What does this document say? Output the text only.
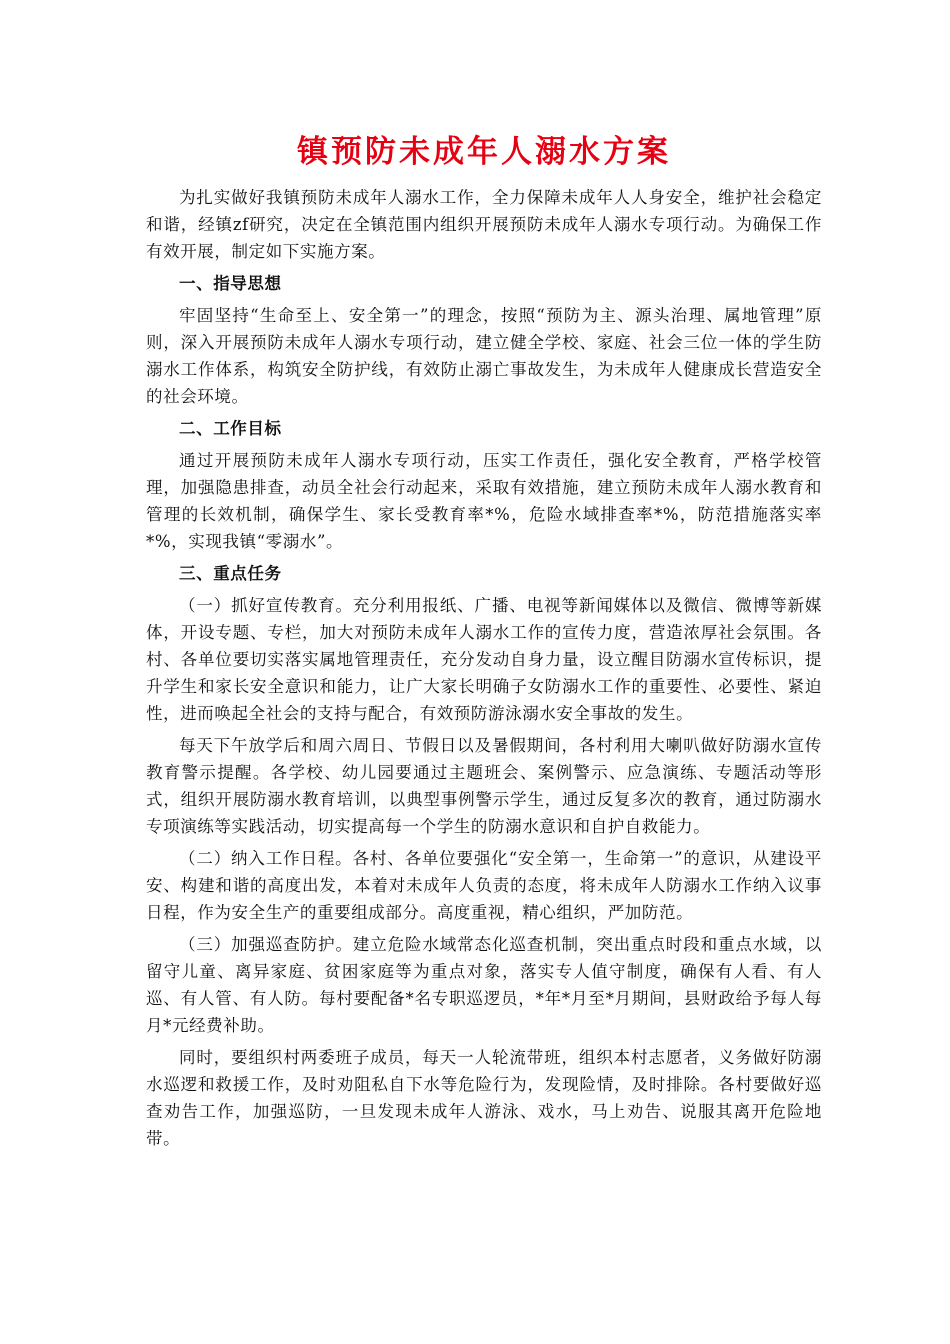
镇预防未成年人溺水方案

为扎实做好我镇预防未成年人溺水工作，全力保障未成年人人身安全，维护社会稳定和谐，经镇zf研究，决定在全镇范围内组织开展预防未成年人溺水专项行动。为确保工作有效开展，制定如下实施方案。

一、指导思想

牢固坚持“生命至上、安全第一”的理念，按照“预防为主、源头治理、属地管理”原则，深入开展预防未成年人溺水专项行动，建立健全学校、家庭、社会三位一体的学生防溺水工作体系，构筑安全防护线，有效防止溺亡事故发生，为未成年人健康成长营造安全的社会环境。

二、工作目标

通过开展预防未成年人溺水专项行动，压实工作责任，强化安全教育，严格学校管理，加强隐患排查，动员全社会行动起来，采取有效措施，建立预防未成年人溺水教育和管理的长效机制，确保学生、家长受教育率*%，危险水域排查率*%，防范措施落实率*%，实现我镇“零溺水”。

三、重点任务

（一）抓好宣传教育。充分利用报纸、广播、电视等新闻媒体以及微信、微博等新媒体，开设专题、专栏，加大对预防未成年人溺水工作的宣传力度，营造浓厚社会氛围。各村、各单位要切实落实属地管理责任，充分发动自身力量，设立醒目防溺水宣传标识，提升学生和家长安全意识和能力，让广大家长明确子女防溺水工作的重要性、必要性、紧迫性，进而唤起全社会的支持与配合，有效预防游泳溺水安全事故的发生。

每天下午放学后和周六周日、节假日以及暑假期间，各村利用大喇叭做好防溺水宣传教育警示提醒。各学校、幼儿园要通过主题班会、案例警示、应急演练、专题活动等形式，组织开展防溺水教育培训，以典型事例警示学生，通过反复多次的教育，通过防溺水专项演练等实践活动，切实提高每一个学生的防溺水意识和自护自救能力。

（二）纳入工作日程。各村、各单位要强化“安全第一，生命第一”的意识，从建设平安、构建和谐的高度出发，本着对未成年人负责的态度，将未成年人防溺水工作纳入议事日程，作为安全生产的重要组成部分。高度重视，精心组织，严加防范。

（三）加强巡查防护。建立危险水域常态化巡查机制，突出重点时段和重点水域，以留守儿童、离异家庭、贫困家庭等为重点对象，落实专人值守制度，确保有人看、有人巡、有人管、有人防。每村要配备*名专职巡逻员，*年*月至*月期间，县财政给予每人每月*元经费补助。

同时，要组织村两委班子成员，每天一人轮流带班，组织本村志愿者，义务做好防溺水巡逻和救援工作，及时劝阻私自下水等危险行为，发现险情，及时排除。各村要做好巡查劝告工作，加强巡防，一旦发现未成年人游泳、戏水，马上劝告、说服其离开危险地带。
